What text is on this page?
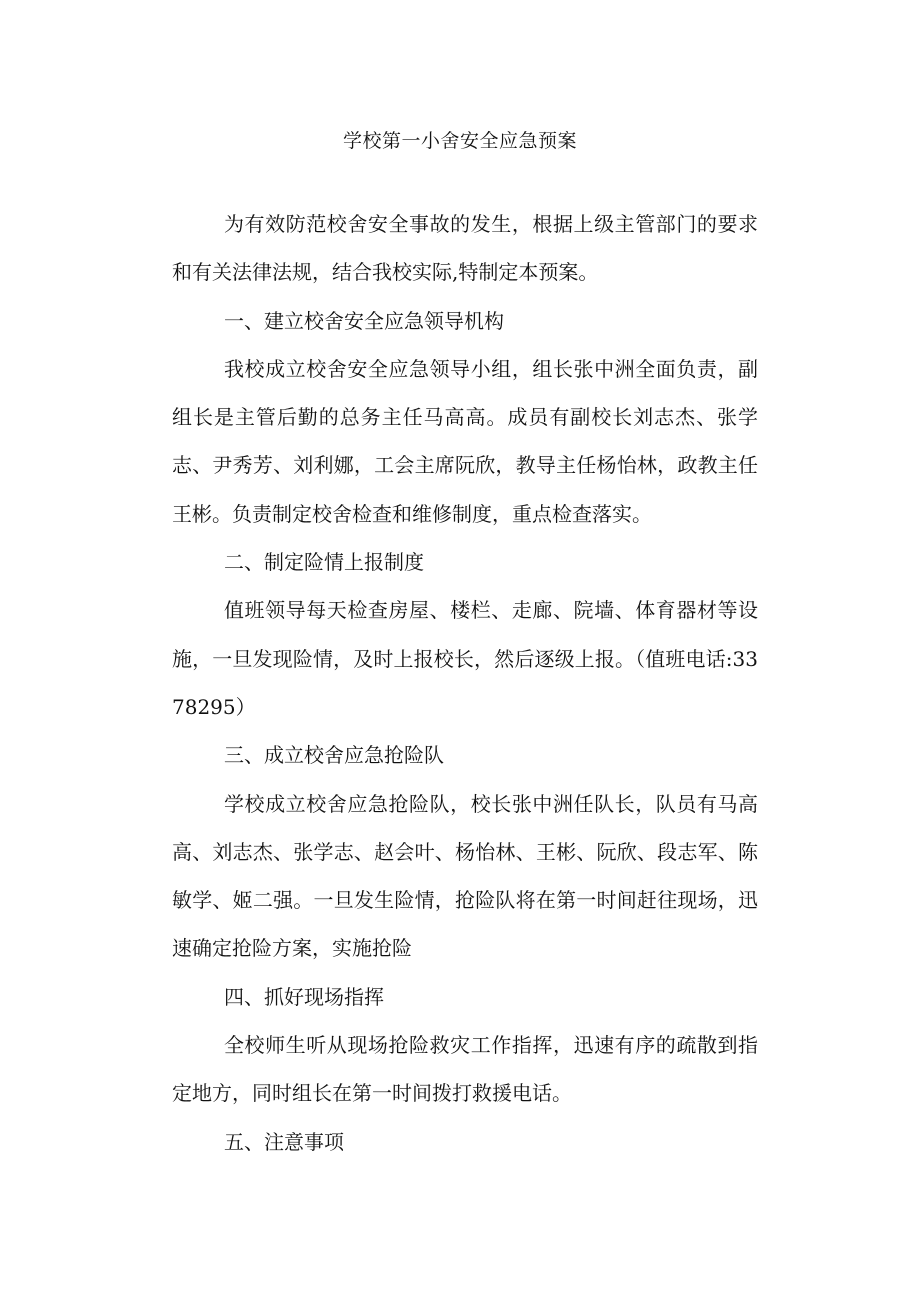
学校第一小舍安全应急预案

为有效防范校舍安全事故的发生，根据上级主管部门的要求和有关法律法规，结合我校实际,特制定本预案。

一、建立校舍安全应急领导机构

我校成立校舍安全应急领导小组，组长张中洲全面负责，副组长是主管后勤的总务主任马高高。成员有副校长刘志杰、张学志、尹秀芳、刘利娜，工会主席阮欣，教导主任杨怡林，政教主任王彬。负责制定校舍检查和维修制度，重点检查落实。

二、制定险情上报制度

值班领导每天检查房屋、楼栏、走廊、院墙、体育器材等设施，一旦发现险情，及时上报校长，然后逐级上报。（值班电话:3378295）

三、成立校舍应急抢险队

学校成立校舍应急抢险队，校长张中洲任队长，队员有马高高、刘志杰、张学志、赵会叶、杨怡林、王彬、阮欣、段志军、陈敏学、姬二强。一旦发生险情，抢险队将在第一时间赶往现场，迅速确定抢险方案，实施抢险

四、抓好现场指挥

全校师生听从现场抢险救灾工作指挥，迅速有序的疏散到指定地方，同时组长在第一时间拨打救援电话。

五、注意事项
